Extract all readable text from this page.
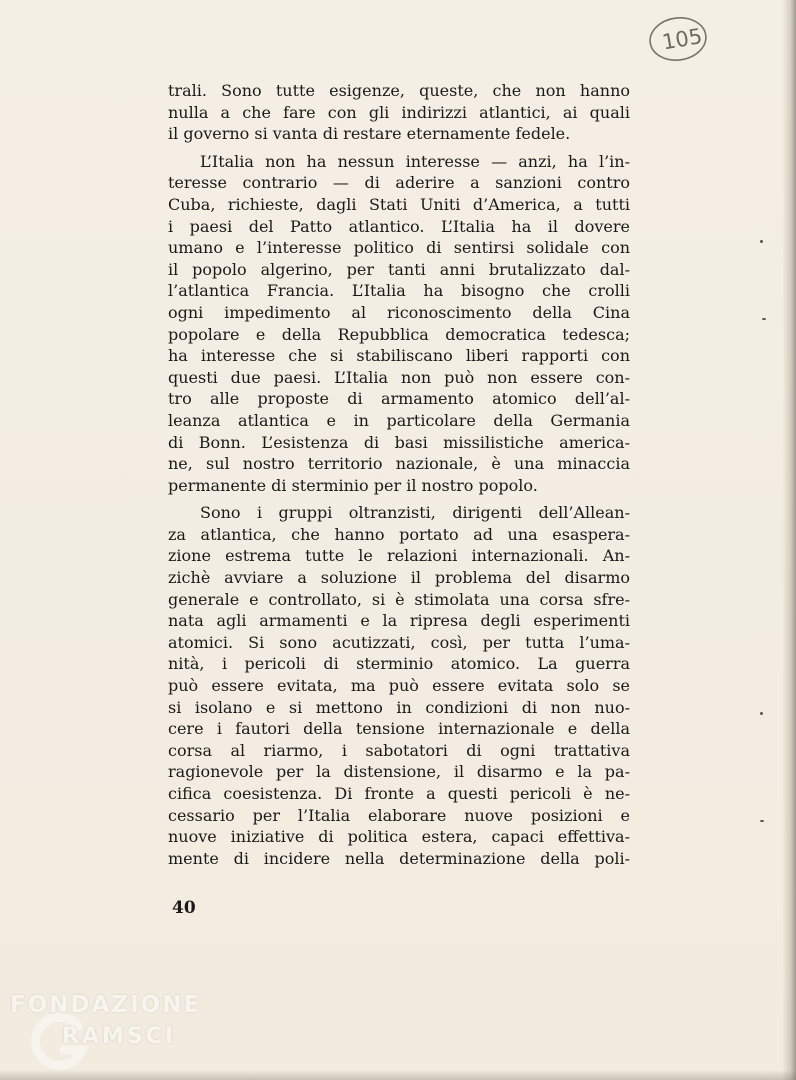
105

trali. Sono tutte esigenze, queste, che non hanno
nulla a che fare con gli indirizzi atlantici, ai quali
il governo si vanta di restare eternamente fedele.

L’Italia non ha nessun interesse — anzi, ha l’in-
teresse contrario — di aderire a sanzioni contro
Cuba, richieste, dagli Stati Uniti d’America, a tutti
i paesi del Patto atlantico. L’Italia ha il dovere
umano e l’interesse politico di sentirsi solidale con
il popolo algerino, per tanti anni brutalizzato dal-
l’atlantica Francia. L’Italia ha bisogno che crolli
ogni impedimento al riconoscimento della Cina
popolare e della Repubblica democratica tedesca;
ha interesse che si stabiliscano liberi rapporti con
questi due paesi. L’Italia non può non essere con-
tro alle proposte di armamento atomico dell’al-
leanza atlantica e in particolare della Germania
di Bonn. L’esistenza di basi missilistiche america-
ne, sul nostro territorio nazionale, è una minaccia
permanente di sterminio per il nostro popolo.

Sono i gruppi oltranzisti, dirigenti dell’Allean-
za atlantica, che hanno portato ad una esaspera-
zione estrema tutte le relazioni internazionali. An-
zichè avviare a soluzione il problema del disarmo
generale e controllato, si è stimolata una corsa sfre-
nata agli armamenti e la ripresa degli esperimenti
atomici. Si sono acutizzati, così, per tutta l’uma-
nità, i pericoli di sterminio atomico. La guerra
può essere evitata, ma può essere evitata solo se
si isolano e si mettono in condizioni di non nuo-
cere i fautori della tensione internazionale e della
corsa al riarmo, i sabotatori di ogni trattativa
ragionevole per la distensione, il disarmo e la pa-
cifica coesistenza. Di fronte a questi pericoli è ne-
cessario per l’Italia elaborare nuove posizioni e
nuove iniziative di politica estera, capaci effettiva-
mente di incidere nella determinazione della poli-

40
FONDAZIONE
RAMSCI
